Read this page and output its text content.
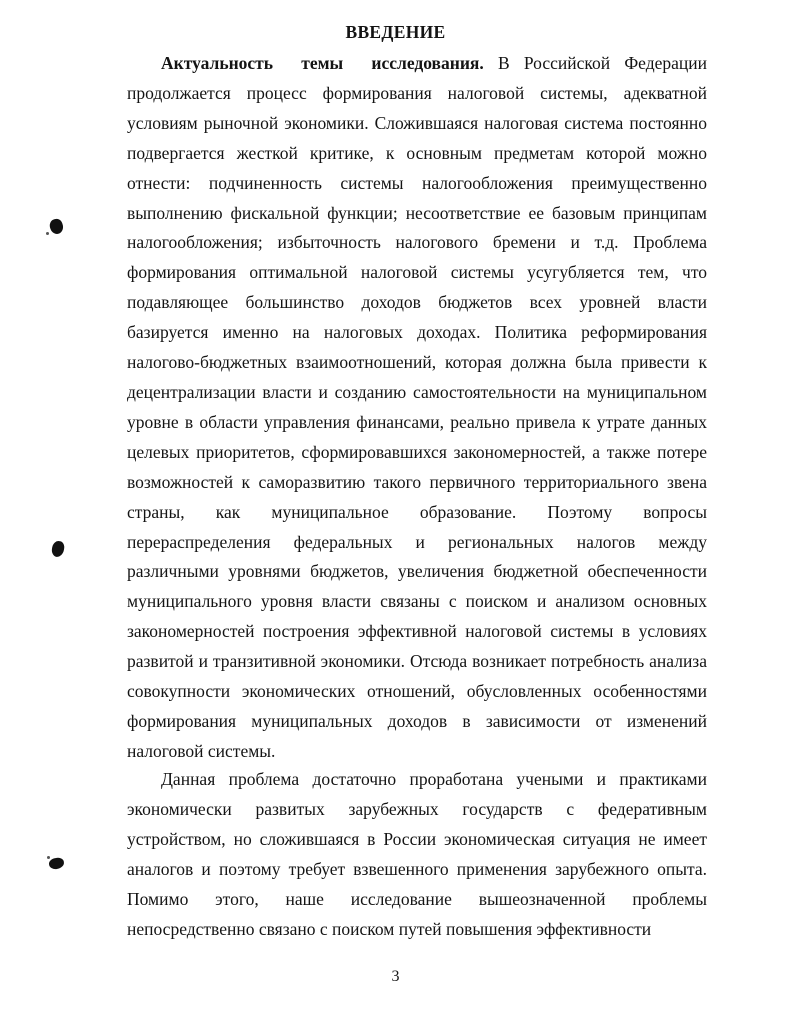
ВВЕДЕНИЕ
Актуальность темы исследования. В Российской Федерации продолжается процесс формирования налоговой системы, адекватной условиям рыночной экономики. Сложившаяся налоговая система постоянно подвергается жесткой критике, к основным предметам которой можно отнести: подчиненность системы налогообложения преимущественно выполнению фискальной функции; несоответствие ее базовым принципам налогообложения; избыточность налогового бремени и т.д. Проблема формирования оптимальной налоговой системы усугубляется тем, что подавляющее большинство доходов бюджетов всех уровней власти базируется именно на налоговых доходах. Политика реформирования налогово-бюджетных взаимоотношений, которая должна была привести к децентрализации власти и созданию самостоятельности на муниципальном уровне в области управления финансами, реально привела к утрате данных целевых приоритетов, сформировавшихся закономерностей, а также потере возможностей к саморазвитию такого первичного территориального звена страны, как муниципальное образование. Поэтому вопросы перераспределения федеральных и региональных налогов между различными уровнями бюджетов, увеличения бюджетной обеспеченности муниципального уровня власти связаны с поиском и анализом основных закономерностей построения эффективной налоговой системы в условиях развитой и транзитивной экономики. Отсюда возникает потребность анализа совокупности экономических отношений, обусловленных особенностями формирования муниципальных доходов в зависимости от изменений налоговой системы.
Данная проблема достаточно проработана учеными и практиками экономически развитых зарубежных государств с федеративным устройством, но сложившаяся в России экономическая ситуация не имеет аналогов и поэтому требует взвешенного применения зарубежного опыта. Помимо этого, наше исследование вышеозначенной проблемы непосредственно связано с поиском путей повышения эффективности
3
